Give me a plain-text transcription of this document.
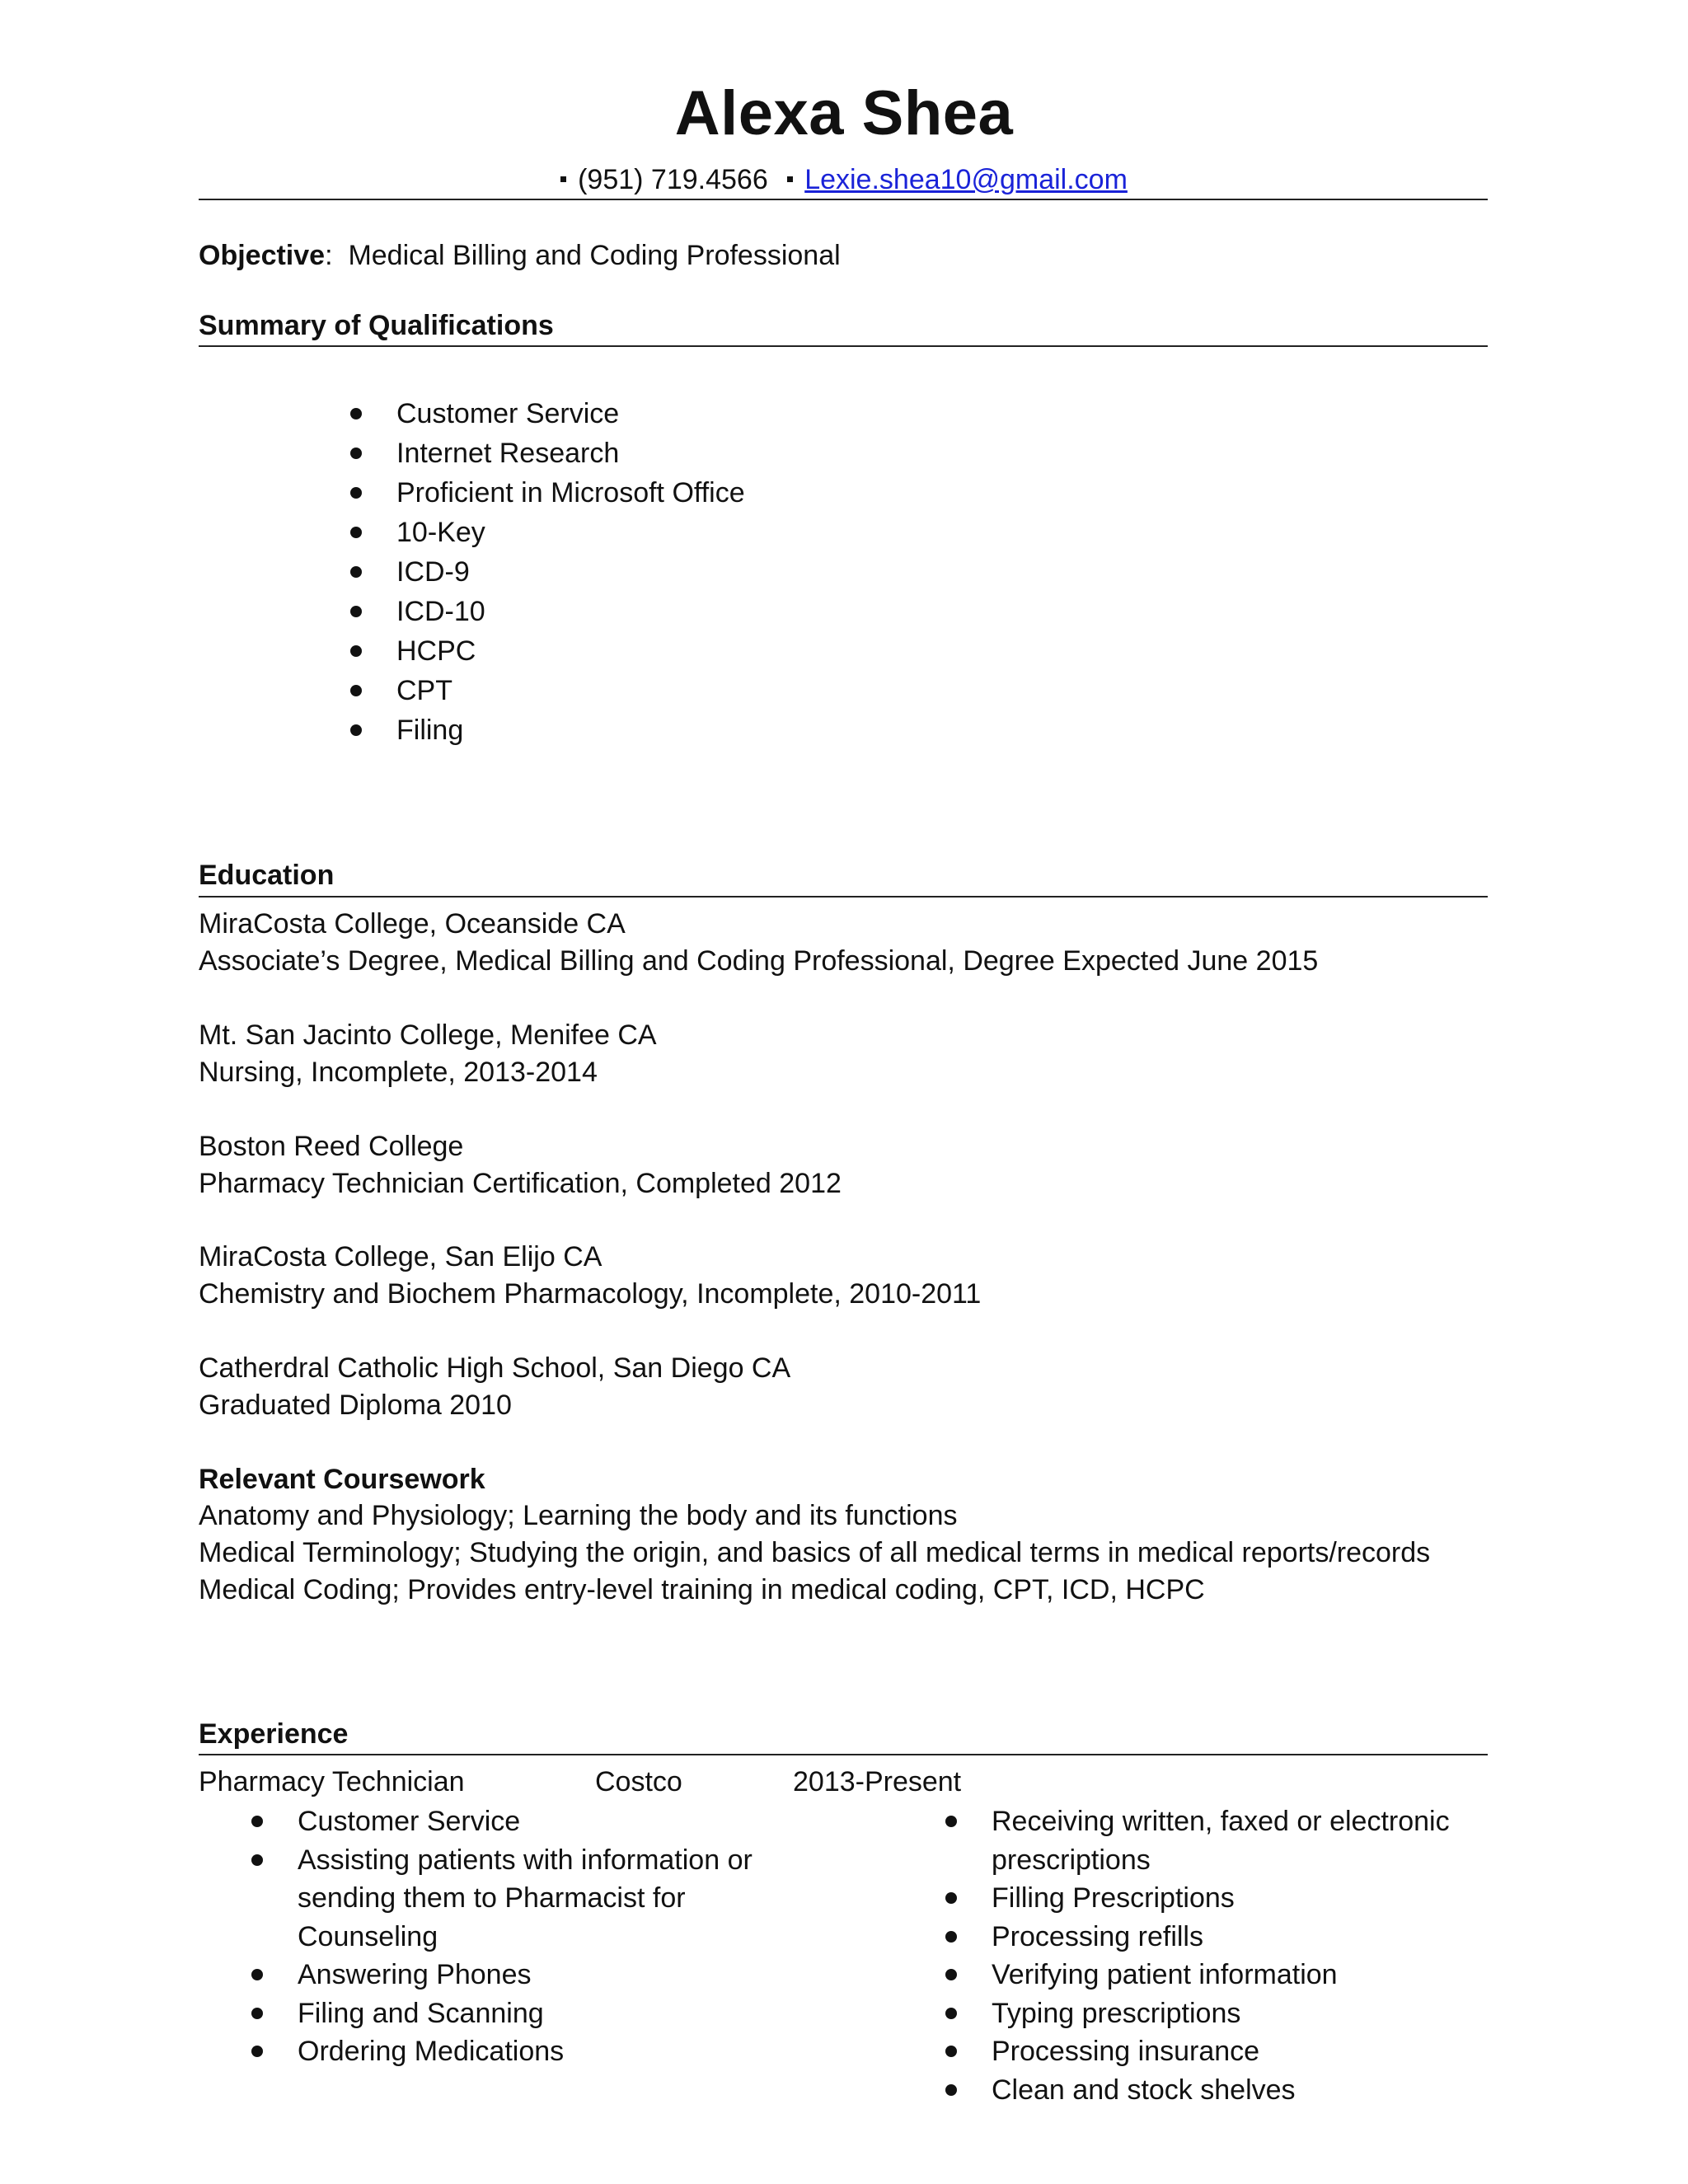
Alexa Shea
(951) 719.4566 Lexie.shea10@gmail.com
Objective: Medical Billing and Coding Professional
Summary of Qualifications
Customer Service
Internet Research
Proficient in Microsoft Office
10-Key
ICD-9
ICD-10
HCPC
CPT
Filing
Education
MiraCosta College, Oceanside CA
Associate’s Degree, Medical Billing and Coding Professional, Degree Expected June 2015
Mt. San Jacinto College, Menifee CA
Nursing, Incomplete, 2013-2014
Boston Reed College
Pharmacy Technician Certification, Completed 2012
MiraCosta College, San Elijo CA
Chemistry and Biochem Pharmacology, Incomplete, 2010-2011
Catherdral Catholic High School, San Diego CA
Graduated Diploma 2010
Relevant Coursework
Anatomy and Physiology; Learning the body and its functions
Medical Terminology; Studying the origin, and basics of all medical terms in medical reports/records
Medical Coding; Provides entry-level training in medical coding, CPT, ICD, HCPC
Experience
Pharmacy Technician	Costco	2013-Present
Customer Service
Assisting patients with information or
sending them to Pharmacist for
Counseling
Answering Phones
Filing and Scanning
Ordering Medications
Receiving written, faxed or electronic
prescriptions
Filling Prescriptions
Processing refills
Verifying patient information
Typing prescriptions
Processing insurance
Clean and stock shelves
